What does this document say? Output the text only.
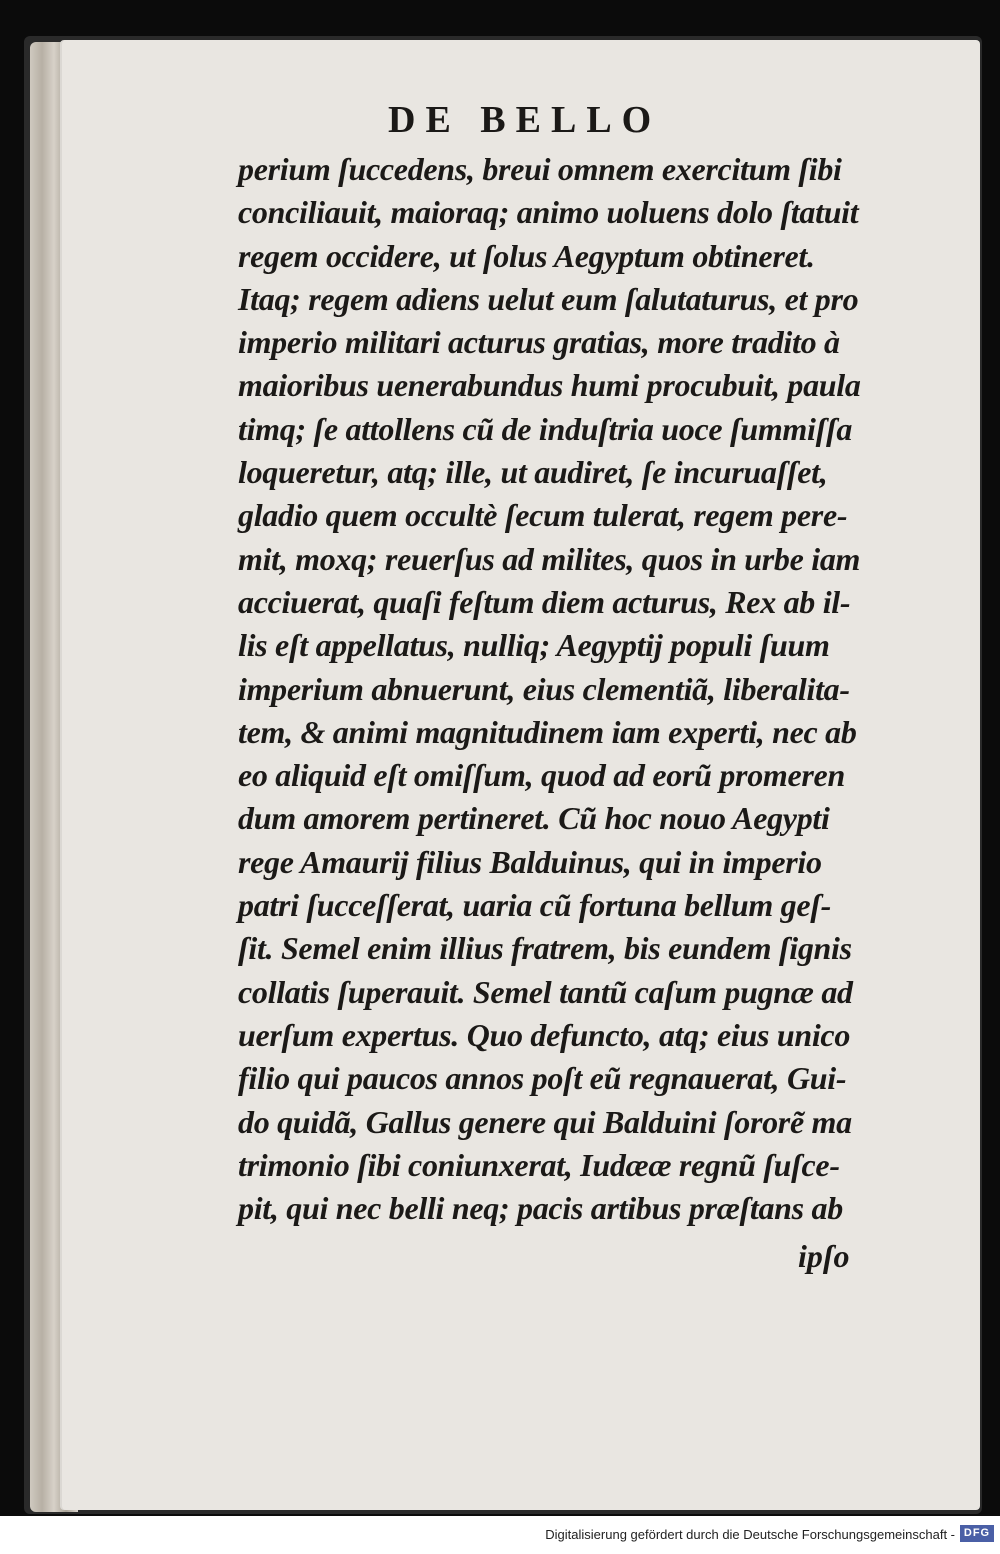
DE BELLO
perium ſuccedens, breui omnem exercitum ſibi
conciliauit, maioraq; animo uoluens dolo ſtatuit
regem occidere, ut ſolus Aegyptum obtineret.
Itaq; regem adiens uelut eum ſalutaturus, et pro
imperio militari acturus gratias, more tradito à
maioribus uenerabundus humi procubuit, paula
timq; ſe attollens cũ de induſtria uoce ſummiſſa
loqueretur, atq; ille, ut audiret, ſe incuruaſſet,
gladio quem occultè ſecum tulerat, regem pere-
mit, moxq; reuerſus ad milites, quos in urbe iam
acciuerat, quaſi feſtum diem acturus, Rex ab il-
lis eſt appellatus, nulliq; Aegyptij populi ſuum
imperium abnuerunt, eius clementiã, liberalita-
tem, & animi magnitudinem iam experti, nec ab
eo aliquid eſt omiſſum, quod ad eorũ promeren
dum amorem pertineret. Cũ hoc nouo Aegypti
rege Amaurij filius Balduinus, qui in imperio
patri ſucceſſerat, uaria cũ fortuna bellum geſ-
ſit. Semel enim illius fratrem, bis eundem ſignis
collatis ſuperauit. Semel tantũ caſum pugnæ ad
uerſum expertus. Quo defuncto, atq; eius unico
filio qui paucos annos poſt eũ regnauerat, Gui-
do quidã, Gallus genere qui Balduini ſororẽ ma
trimonio ſibi coniunxerat, Iudææ regnũ ſuſce-
pit, qui nec belli neq; pacis artibus præſtans ab
ipſo
Digitalisierung gefördert durch die Deutsche Forschungsgemeinschaft - DFG
